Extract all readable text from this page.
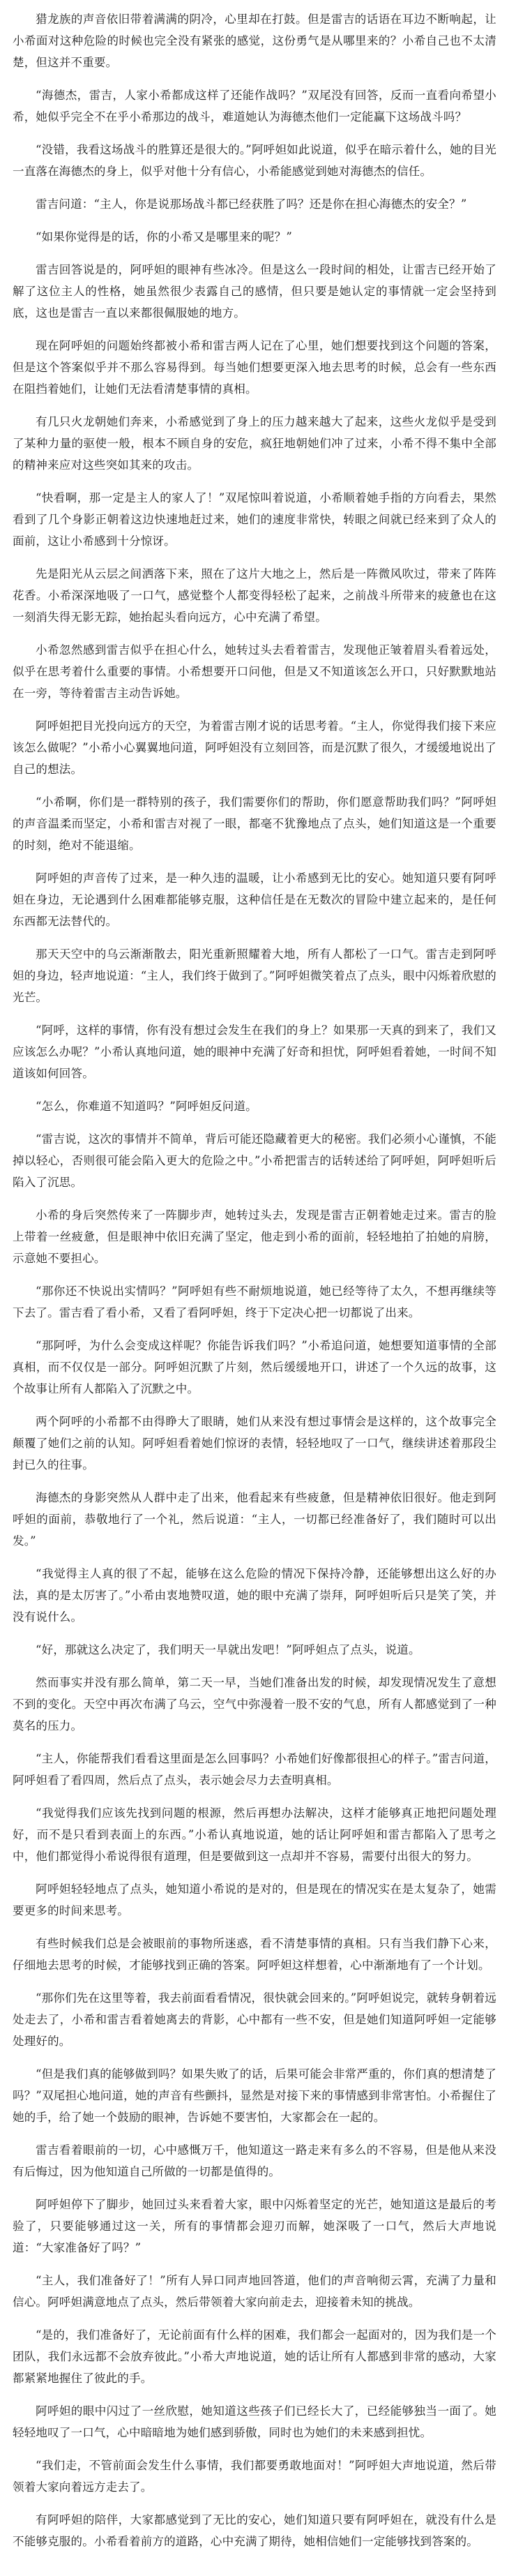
猎龙族的声音依旧带着满满的阴冷，心里却在打鼓。但是雷吉的话语在耳边不断响起，让小希面对这种危险的时候也完全没有紧张的感觉，这份勇气是从哪里来的？小希自己也不太清楚，但这并不重要。

“海德杰，雷吉，人家小希都成这样了还能作战吗？”双尾没有回答，反而一直看向希望小希，她似乎完全不在乎小希那边的战斗，难道她认为海德杰他们一定能赢下这场战斗吗？

“没错，我看这场战斗的胜算还是很大的。”阿呼妲如此说道，似乎在暗示着什么，她的目光一直落在海德杰的身上，似乎对他十分有信心，小希能感觉到她对海德杰的信任。

雷吉问道：“主人，你是说那场战斗都已经获胜了吗？还是你在担心海德杰的安全？”

“如果你觉得是的话，你的小希又是哪里来的呢？”

雷吉回答说是的，阿呼妲的眼神有些冰冷。但是这么一段时间的相处，让雷吉已经开始了解了这位主人的性格，她虽然很少表露自己的感情，但只要是她认定的事情就一定会坚持到底，这也是雷吉一直以来都很佩服她的地方。

现在阿呼妲的问题始终都被小希和雷吉两人记在了心里，她们想要找到这个问题的答案，但是这个答案似乎并不那么容易得到。每当她们想要更深入地去思考的时候，总会有一些东西在阻挡着她们，让她们无法看清楚事情的真相。

有几只火龙朝她们奔来，小希感觉到了身上的压力越来越大了起来，这些火龙似乎是受到了某种力量的驱使一般，根本不顾自身的安危，疯狂地朝她们冲了过来，小希不得不集中全部的精神来应对这些突如其来的攻击。

“快看啊，那一定是主人的家人了！”双尾惊叫着说道，小希顺着她手指的方向看去，果然看到了几个身影正朝着这边快速地赶过来，她们的速度非常快，转眼之间就已经来到了众人的面前，这让小希感到十分惊讶。

先是阳光从云层之间洒落下来，照在了这片大地之上，然后是一阵微风吹过，带来了阵阵花香。小希深深地吸了一口气，感觉整个人都变得轻松了起来，之前战斗所带来的疲惫也在这一刻消失得无影无踪，她抬起头看向远方，心中充满了希望。

小希忽然感到雷吉似乎在担心什么，她转过头去看着雷吉，发现他正皱着眉头看着远处，似乎在思考着什么重要的事情。小希想要开口问他，但是又不知道该怎么开口，只好默默地站在一旁，等待着雷吉主动告诉她。

阿呼妲把目光投向远方的天空，为着雷吉刚才说的话思考着。“主人，你觉得我们接下来应该怎么做呢？”小希小心翼翼地问道，阿呼妲没有立刻回答，而是沉默了很久，才缓缓地说出了自己的想法。

“小希啊，你们是一群特别的孩子，我们需要你们的帮助，你们愿意帮助我们吗？”阿呼妲的声音温柔而坚定，小希和雷吉对视了一眼，都毫不犹豫地点了点头，她们知道这是一个重要的时刻，绝对不能退缩。

阿呼妲的声音传了过来，是一种久违的温暖，让小希感到无比的安心。她知道只要有阿呼妲在身边，无论遇到什么困难都能够克服，这种信任是在无数次的冒险中建立起来的，是任何东西都无法替代的。

那天天空中的乌云渐渐散去，阳光重新照耀着大地，所有人都松了一口气。雷吉走到阿呼妲的身边，轻声地说道：“主人，我们终于做到了。”阿呼妲微笑着点了点头，眼中闪烁着欣慰的光芒。

“阿呼，这样的事情，你有没有想过会发生在我们的身上？如果那一天真的到来了，我们又应该怎么办呢？”小希认真地问道，她的眼神中充满了好奇和担忧，阿呼妲看着她，一时间不知道该如何回答。

“怎么，你难道不知道吗？”阿呼妲反问道。

“雷吉说，这次的事情并不简单，背后可能还隐藏着更大的秘密。我们必须小心谨慎，不能掉以轻心，否则很可能会陷入更大的危险之中。”小希把雷吉的话转述给了阿呼妲，阿呼妲听后陷入了沉思。

小希的身后突然传来了一阵脚步声，她转过头去，发现是雷吉正朝着她走过来。雷吉的脸上带着一丝疲惫，但是眼神中依旧充满了坚定，他走到小希的面前，轻轻地拍了拍她的肩膀，示意她不要担心。

“那你还不快说出实情吗？”阿呼妲有些不耐烦地说道，她已经等待了太久，不想再继续等下去了。雷吉看了看小希，又看了看阿呼妲，终于下定决心把一切都说了出来。

“那阿呼，为什么会变成这样呢？你能告诉我们吗？”小希追问道，她想要知道事情的全部真相，而不仅仅是一部分。阿呼妲沉默了片刻，然后缓缓地开口，讲述了一个久远的故事，这个故事让所有人都陷入了沉默之中。

两个阿呼的小希都不由得睁大了眼睛，她们从来没有想过事情会是这样的，这个故事完全颠覆了她们之前的认知。阿呼妲看着她们惊讶的表情，轻轻地叹了一口气，继续讲述着那段尘封已久的往事。

海德杰的身影突然从人群中走了出来，他看起来有些疲惫，但是精神依旧很好。他走到阿呼妲的面前，恭敬地行了一个礼，然后说道：“主人，一切都已经准备好了，我们随时可以出发。”

“我觉得主人真的很了不起，能够在这么危险的情况下保持冷静，还能够想出这么好的办法，真的是太厉害了。”小希由衷地赞叹道，她的眼中充满了崇拜，阿呼妲听后只是笑了笑，并没有说什么。

“好，那就这么决定了，我们明天一早就出发吧！”阿呼妲点了点头，说道。

然而事实并没有那么简单，第二天一早，当她们准备出发的时候，却发现情况发生了意想不到的变化。天空中再次布满了乌云，空气中弥漫着一股不安的气息，所有人都感觉到了一种莫名的压力。

“主人，你能帮我们看看这里面是怎么回事吗？小希她们好像都很担心的样子。”雷吉问道，阿呼妲看了看四周，然后点了点头，表示她会尽力去查明真相。

“我觉得我们应该先找到问题的根源，然后再想办法解决，这样才能够真正地把问题处理好，而不是只看到表面上的东西。”小希认真地说道，她的话让阿呼妲和雷吉都陷入了思考之中，他们都觉得小希说得很有道理，但是要做到这一点却并不容易，需要付出很大的努力。

阿呼妲轻轻地点了点头，她知道小希说的是对的，但是现在的情况实在是太复杂了，她需要更多的时间来思考。

有些时候我们总是会被眼前的事物所迷惑，看不清楚事情的真相。只有当我们静下心来，仔细地去思考的时候，才能够找到正确的答案。阿呼妲这样想着，心中渐渐地有了一个计划。

“那你们先在这里等着，我去前面看看情况，很快就会回来的。”阿呼妲说完，就转身朝着远处走去了，小希和雷吉看着她离去的背影，心中都有一些不安，但是她们知道阿呼妲一定能够处理好的。

“但是我们真的能够做到吗？如果失败了的话，后果可能会非常严重的，你们真的想清楚了吗？”双尾担心地问道，她的声音有些颤抖，显然是对接下来的事情感到非常害怕。小希握住了她的手，给了她一个鼓励的眼神，告诉她不要害怕，大家都会在一起的。

雷吉看着眼前的一切，心中感慨万千，他知道这一路走来有多么的不容易，但是他从来没有后悔过，因为他知道自己所做的一切都是值得的。

阿呼妲停下了脚步，她回过头来看着大家，眼中闪烁着坚定的光芒，她知道这是最后的考验了，只要能够通过这一关，所有的事情都会迎刃而解，她深吸了一口气，然后大声地说道：“大家准备好了吗？”

“主人，我们准备好了！”所有人异口同声地回答道，他们的声音响彻云霄，充满了力量和信心。阿呼妲满意地点了点头，然后带领着大家向前走去，迎接着未知的挑战。

“是的，我们准备好了，无论前面有什么样的困难，我们都会一起面对的，因为我们是一个团队，我们永远都不会放弃彼此。”小希大声地说道，她的话让所有人都感到非常的感动，大家都紧紧地握住了彼此的手。

阿呼妲的眼中闪过了一丝欣慰，她知道这些孩子们已经长大了，已经能够独当一面了。她轻轻地叹了一口气，心中暗暗地为她们感到骄傲，同时也为她们的未来感到担忧。

“我们走，不管前面会发生什么事情，我们都要勇敢地面对！”阿呼妲大声地说道，然后带领着大家向着远方走去了。

有阿呼妲的陪伴，大家都感觉到了无比的安心，她们知道只要有阿呼妲在，就没有什么是不能够克服的。小希看着前方的道路，心中充满了期待，她相信她们一定能够找到答案的。
